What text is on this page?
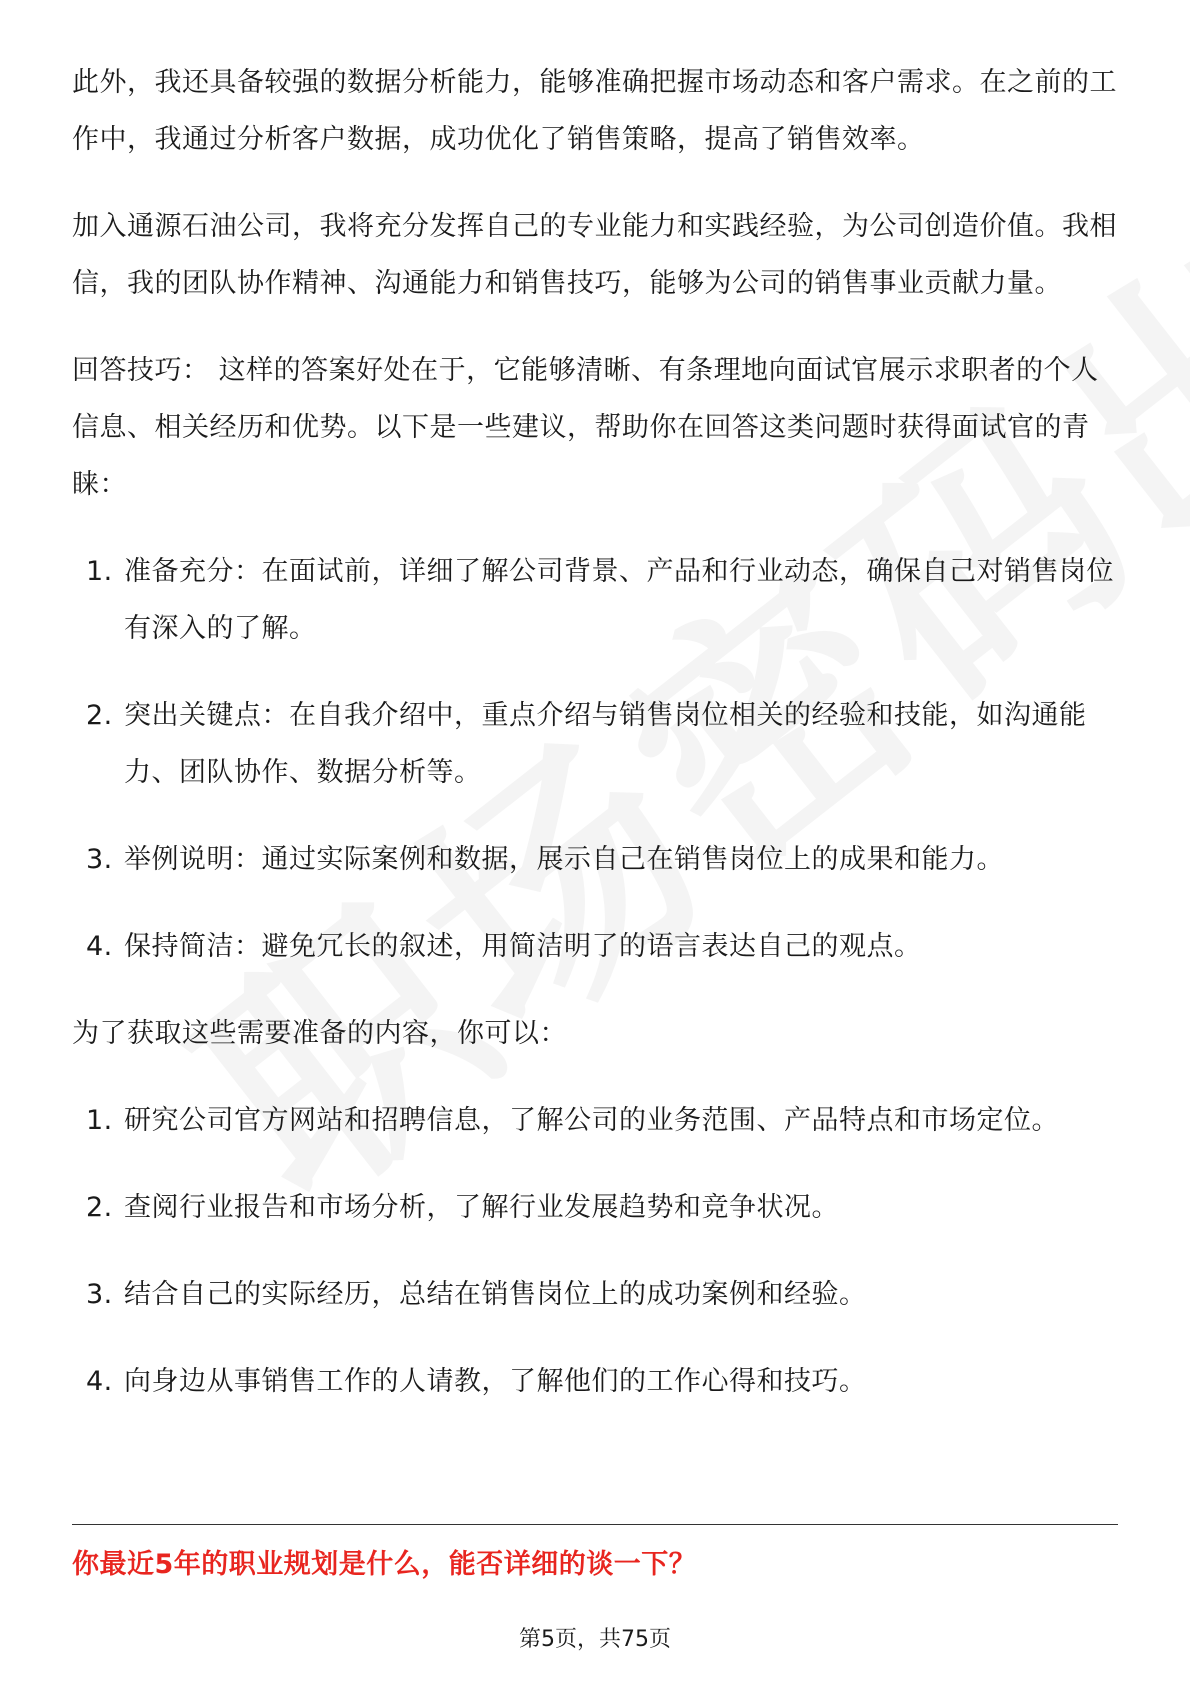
此外，我还具备较强的数据分析能力，能够准确把握市场动态和客户需求。在之前的工作中，我通过分析客户数据，成功优化了销售策略，提高了销售效率。

加入通源石油公司，我将充分发挥自己的专业能力和实践经验，为公司创造价值。我相信，我的团队协作精神、沟通能力和销售技巧，能够为公司的销售事业贡献力量。

回答技巧： 这样的答案好处在于，它能够清晰、有条理地向面试官展示求职者的个人信息、相关经历和优势。以下是一些建议，帮助你在回答这类问题时获得面试官的青睐：

1. 准备充分：在面试前，详细了解公司背景、产品和行业动态，确保自己对销售岗位有深入的了解。
2. 突出关键点：在自我介绍中，重点介绍与销售岗位相关的经验和技能，如沟通能力、团队协作、数据分析等。
3. 举例说明：通过实际案例和数据，展示自己在销售岗位上的成果和能力。
4. 保持简洁：避免冗长的叙述，用简洁明了的语言表达自己的观点。

为了获取这些需要准备的内容，你可以：

1. 研究公司官方网站和招聘信息，了解公司的业务范围、产品特点和市场定位。
2. 查阅行业报告和市场分析，了解行业发展趋势和竞争状况。
3. 结合自己的实际经历，总结在销售岗位上的成功案例和经验。
4. 向身边从事销售工作的人请教，了解他们的工作心得和技巧。
你最近5年的职业规划是什么，能否详细的谈一下？
第5页，共75页
